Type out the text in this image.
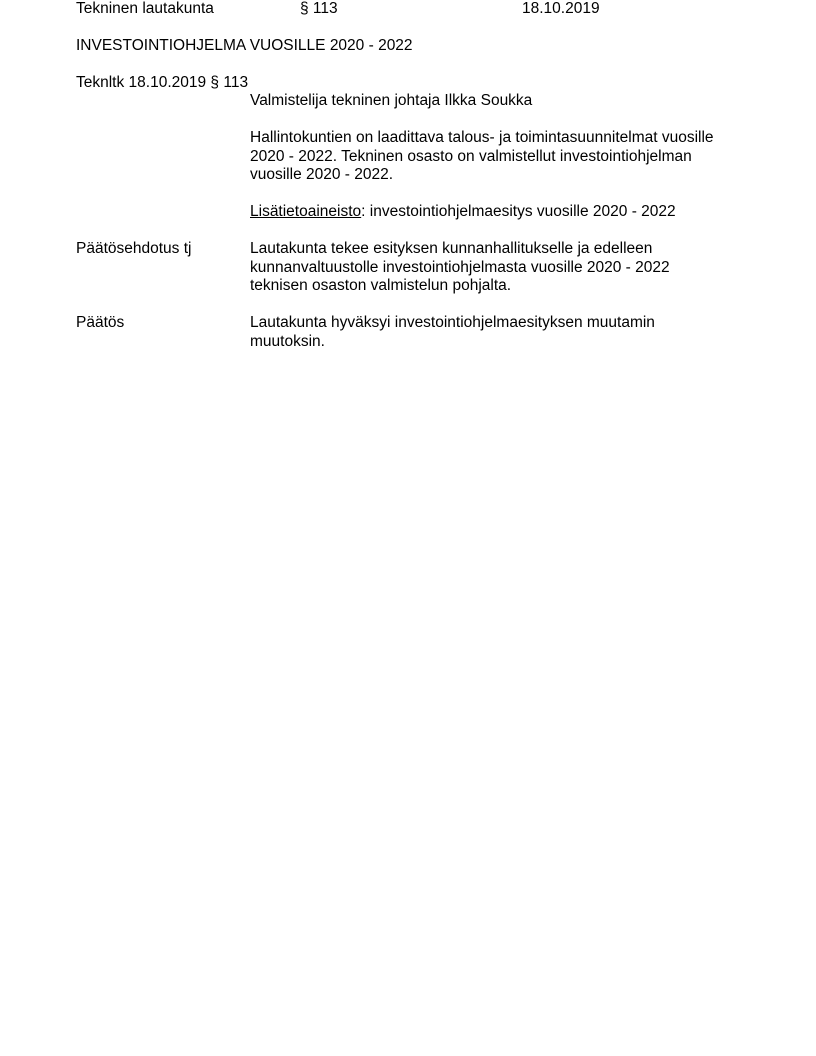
Tekninen lautakunta	§ 113	18.10.2019
INVESTOINTIOHJELMA VUOSILLE 2020 - 2022
Teknltk 18.10.2019 § 113
Valmistelija tekninen johtaja Ilkka Soukka

Hallintokuntien on laadittava talous- ja toimintasuunnitelmat vuosille

2020 - 2022. Tekninen osasto on valmistellut investointiohjelman

vuosille 2020 - 2022.

Lisätietoaineisto: investointiohjelmaesitys vuosille 2020 - 2022
Päätösehdotus tj	Lautakunta tekee esityksen kunnanhallitukselle ja edelleen

kunnanvaltuustolle investointiohjelmasta vuosille 2020 - 2022

teknisen osaston valmistelun pohjalta.

Päätös	Lautakunta hyväksyi investointiohjelmaesityksen muutamin

muutoksin.
